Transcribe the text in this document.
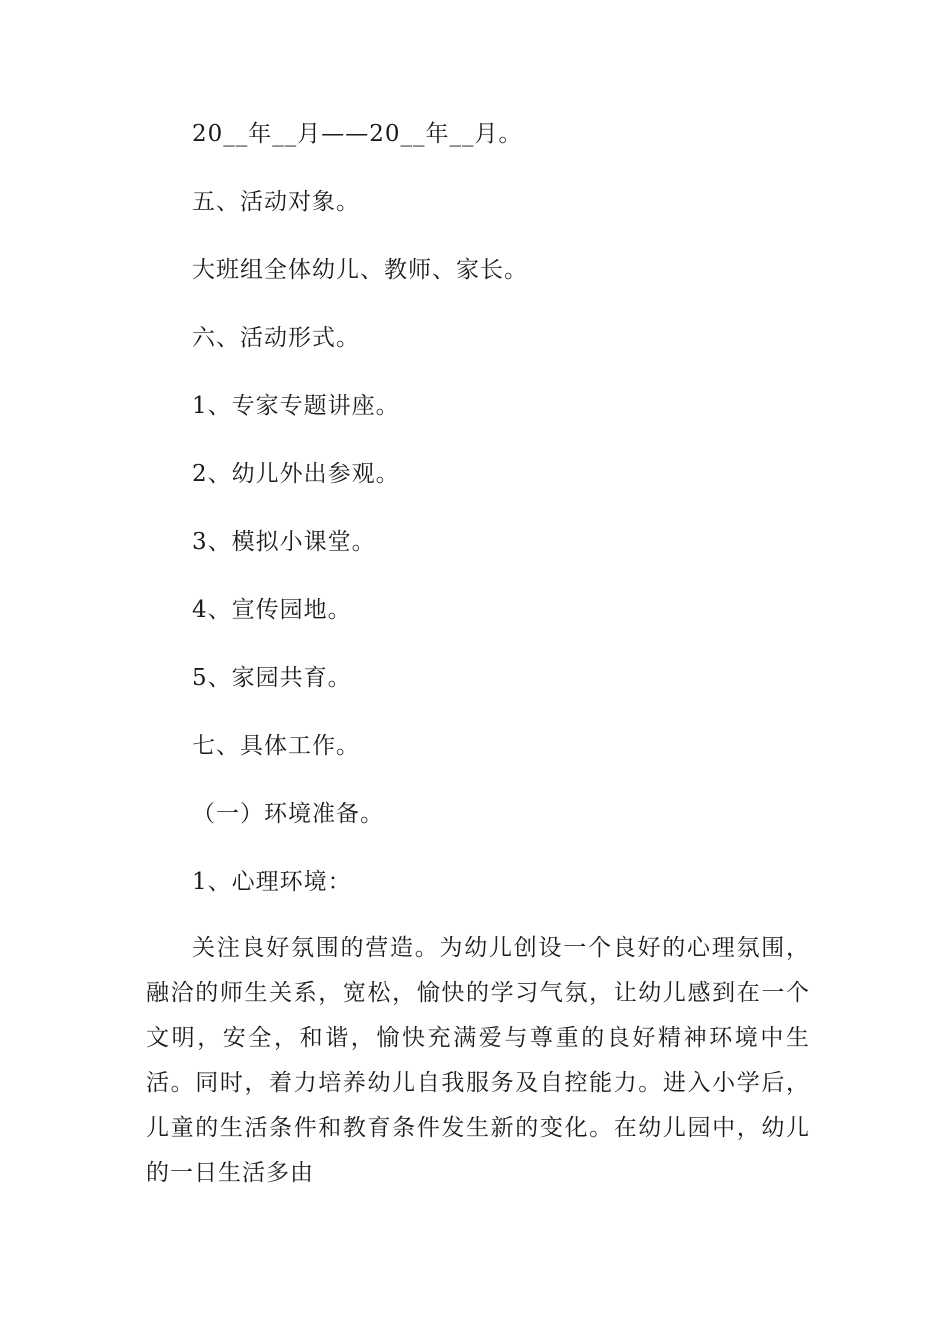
20__年__月——20__年__月。
五、活动对象。
大班组全体幼儿、教师、家长。
六、活动形式。
1、专家专题讲座。
2、幼儿外出参观。
3、模拟小课堂。
4、宣传园地。
5、家园共育。
七、具体工作。
（一）环境准备。
1、心理环境：
关注良好氛围的营造。为幼儿创设一个良好的心理氛围，融洽的师生关系，宽松，愉快的学习气氛，让幼儿感到在一个文明，安全，和谐，愉快充满爱与尊重的良好精神环境中生活。同时，着力培养幼儿自我服务及自控能力。进入小学后，儿童的生活条件和教育条件发生新的变化。在幼儿园中，幼儿的一日生活多由
